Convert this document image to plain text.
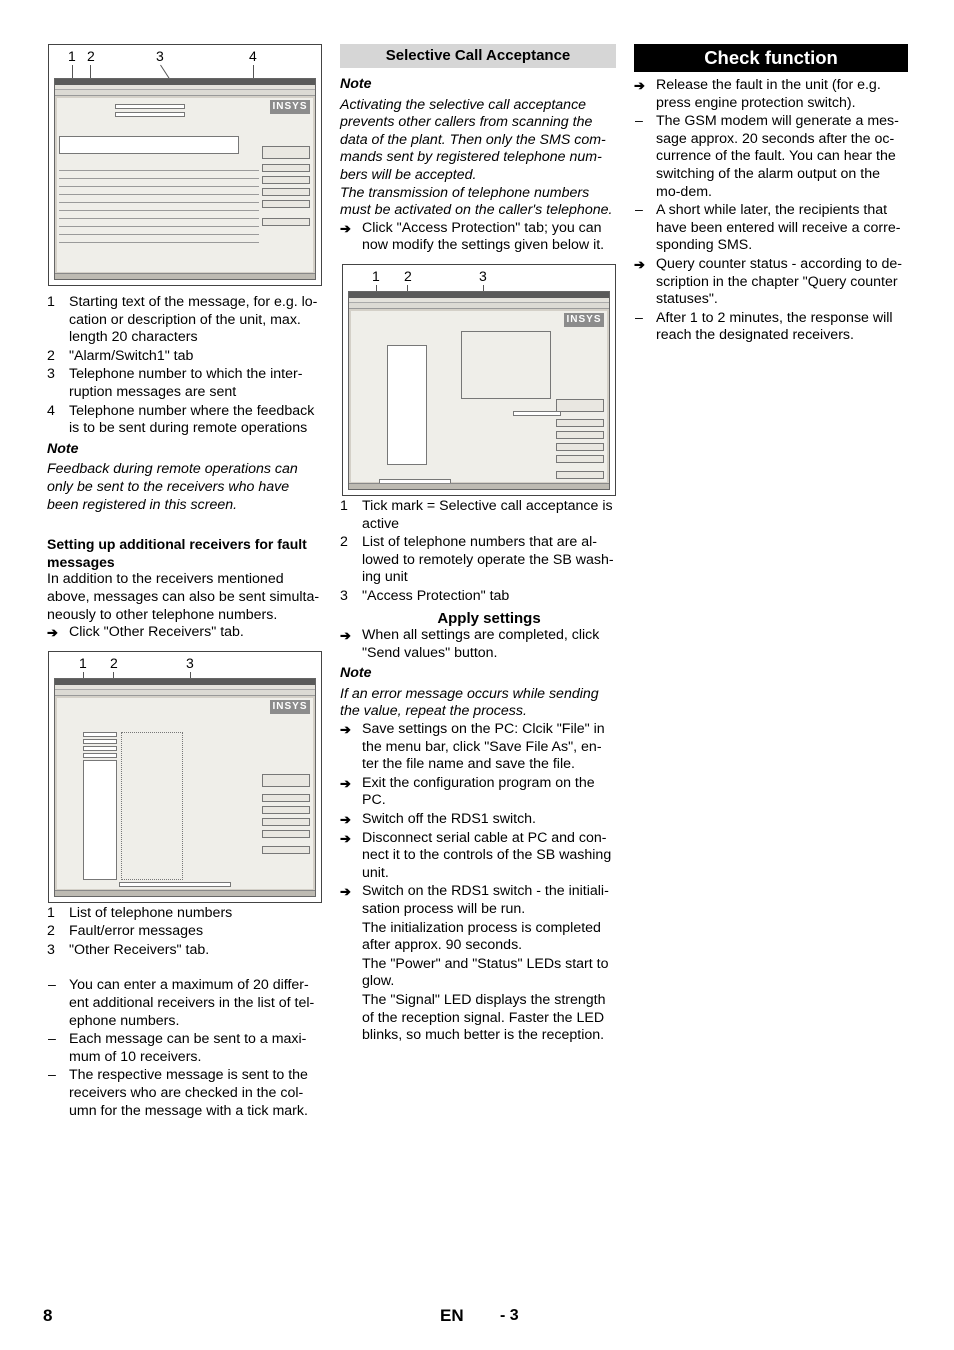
1 2	3	4
INSYS
1 Starting text of the message, for e.g. lo-cation or description of the unit, max. length 20 characters
2 "Alarm/Switch1" tab
3 Telephone number to which the inter-ruption messages are sent
4 Telephone number where the feedback is to be sent during remote operations
Note
Feedback during remote operations can only be sent to the receivers who have been registered in this screen.
Setting up additional receivers for fault messages
In addition to the receivers mentioned above, messages can also be sent simulta-neously to other telephone numbers.
➔ Click "Other Receivers" tab.
1 2	3
INSYS
1 List of telephone numbers
2 Fault/error messages
3 "Other Receivers" tab.
– You can enter a maximum of 20 differ-ent additional receivers in the list of tel-ephone numbers.
– Each message can be sent to a maxi-mum of 10 receivers.
– The respective message is sent to the receivers who are checked in the col-umn for the message with a tick mark.
Selective Call Acceptance
Note
Activating the selective call acceptance prevents other callers from scanning the data of the plant. Then only the SMS com-mands sent by registered telephone num-bers will be accepted.
The transmission of telephone numbers must be activated on the caller's telephone.
➔ Click "Access Protection" tab; you can now modify the settings given below it.
1 2	3
INSYS
1 Tick mark = Selective call acceptance is active
2 List of telephone numbers that are al-lowed to remotely operate the SB wash-ing unit
3 "Access Protection" tab
Apply settings
➔ When all settings are completed, click "Send values" button.
Note
If an error message occurs while sending the value, repeat the process.
➔ Save settings on the PC: Clcik "File" in the menu bar, click "Save File As", en-ter the file name and save the file.
➔ Exit the configuration program on the PC.
➔ Switch off the RDS1 switch.
➔ Disconnect serial cable at PC and con-nect it to the controls of the SB washing unit.
➔ Switch on the RDS1 switch - the initiali-sation process will be run.
The initialization process is completed after approx. 90 seconds.
The "Power" and "Status" LEDs start to glow.
The "Signal" LED displays the strength of the reception signal. Faster the LED blinks, so much better is the reception.
Check function
➔ Release the fault in the unit (for e.g. press engine protection switch).
– The GSM modem will generate a mes-sage approx. 20 seconds after the oc-currence of the fault. You can hear the switching of the alarm output on the mo-dem.
– A short while later, the recipients that have been entered will receive a corre-sponding SMS.
➔ Query counter status - according to de-scription in the chapter "Query counter statuses".
– After 1 to 2 minutes, the response will reach the designated receivers.
8	EN - 3
